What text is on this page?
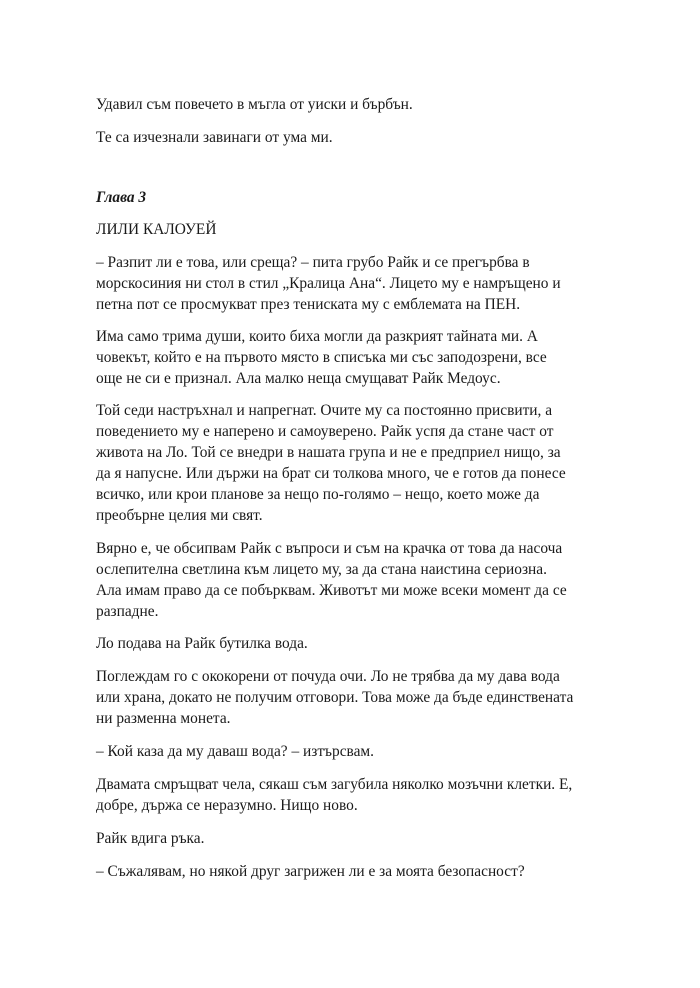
Удавил съм повечето в мъгла от уиски и бърбън.

Те са изчезнали завинаги от ума ми.

Глава 3

ЛИЛИ КАЛОУЕЙ

– Разпит ли е това, или среща? – пита грубо Райк и се прегърбва в

морскосиния ни стол в стил „Кралица Ана“. Лицето му е намръщено и

петна пот се просмукват през тениската му с емблемата на ПЕН.

Има само трима души, които биха могли да разкрият тайната ми. А

човекът, който е на първото място в списъка ми със заподозрени, все

още не си е признал. Ала малко неща смущават Райк Медоус.

Той седи настръхнал и напрегнат. Очите му са постоянно присвити, а

поведението му е наперено и самоуверено. Райк успя да стане част от

живота на Ло. Той се внедри в нашата група и не е предприел нищо, за

да я напусне. Или държи на брат си толкова много, че е готов да понесе

всичко, или крои планове за нещо по-голямо – нещо, което може да

преобърне целия ми свят.

Вярно е, че обсипвам Райк с въпроси и съм на крачка от това да насоча

ослепителна светлина към лицето му, за да стана наистина сериозна.

Ала имам право да се побърквам. Животът ми може всеки момент да се

разпадне.

Ло подава на Райк бутилка вода.

Поглеждам го с ококорени от почуда очи. Ло не трябва да му дава вода

или храна, докато не получим отговори. Това може да бъде единствената

ни разменна монета.

– Кой каза да му даваш вода? – изтърсвам.

Двамата смръщват чела, сякаш съм загубила няколко мозъчни клетки. Е,

добре, държа се неразумно. Нищо ново.

Райк вдига ръка.

– Съжалявам, но някой друг загрижен ли е за моята безопасност?
